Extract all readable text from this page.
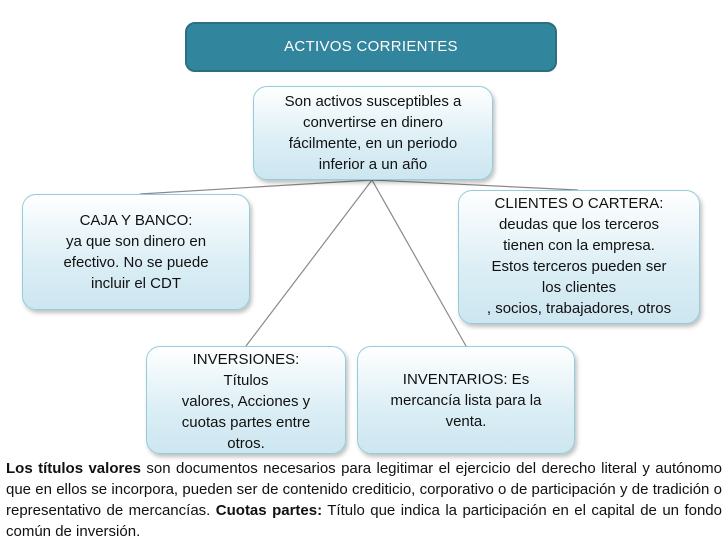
ACTIVOS CORRIENTES
Son activos susceptibles a
convertirse en dinero
fácilmente, en un periodo
inferior a un año
CAJA Y BANCO:
ya que son dinero en
efectivo. No se puede
incluir el CDT
CLIENTES O CARTERA:
deudas que los terceros
tienen con la empresa.
Estos terceros pueden ser
los clientes
, socios, trabajadores, otros
INVERSIONES:
Títulos
valores, Acciones y
cuotas partes entre
otros.
INVENTARIOS: Es
mercancía lista para la
venta.
Los títulos valores son documentos necesarios para legitimar el ejercicio del derecho literal y autónomo que en ellos se incorpora, pueden ser de contenido crediticio, corporativo o de participación y de tradición o representativo de mercancías. Cuotas partes: Título que indica la participación en el capital de un fondo común de inversión.
